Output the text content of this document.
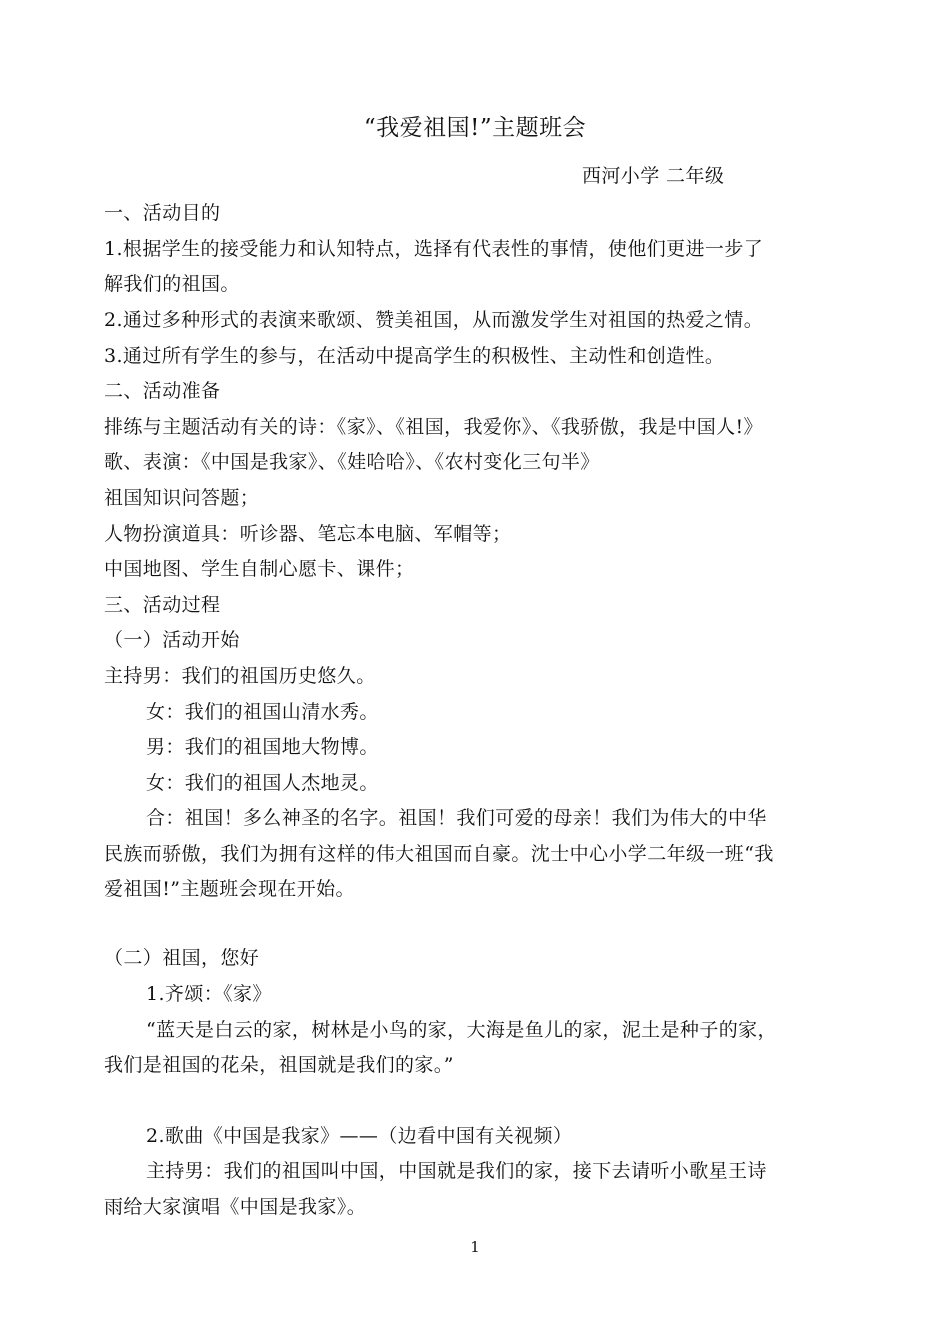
“我爱祖国!”主题班会
西河小学 二年级
一、活动目的
1.根据学生的接受能力和认知特点，选择有代表性的事情，使他们更进一步了
解我们的祖国。
2.通过多种形式的表演来歌颂、赞美祖国，从而激发学生对祖国的热爱之情。
3.通过所有学生的参与，在活动中提高学生的积极性、主动性和创造性。
二、活动准备
排练与主题活动有关的诗：《家》、《祖国，我爱你》、《我骄傲，我是中国人!》
歌、表演：《中国是我家》、《娃哈哈》、《农村变化三句半》
祖国知识问答题；
人物扮演道具：听诊器、笔忘本电脑、军帽等；
中国地图、学生自制心愿卡、课件；
三、活动过程
（一）活动开始
主持男：我们的祖国历史悠久。
女：我们的祖国山清水秀。
男：我们的祖国地大物博。
女：我们的祖国人杰地灵。
合：祖国！多么神圣的名字。祖国！我们可爱的母亲！我们为伟大的中华
民族而骄傲，我们为拥有这样的伟大祖国而自豪。沈士中心小学二年级一班“我
爱祖国!”主题班会现在开始。
（二）祖国，您好
1.齐颂：《家》
“蓝天是白云的家，树林是小鸟的家，大海是鱼儿的家，泥土是种子的家，
我们是祖国的花朵，祖国就是我们的家。”
2.歌曲《中国是我家》——（边看中国有关视频）
主持男：我们的祖国叫中国，中国就是我们的家，接下去请听小歌星王诗
雨给大家演唱《中国是我家》。
1
